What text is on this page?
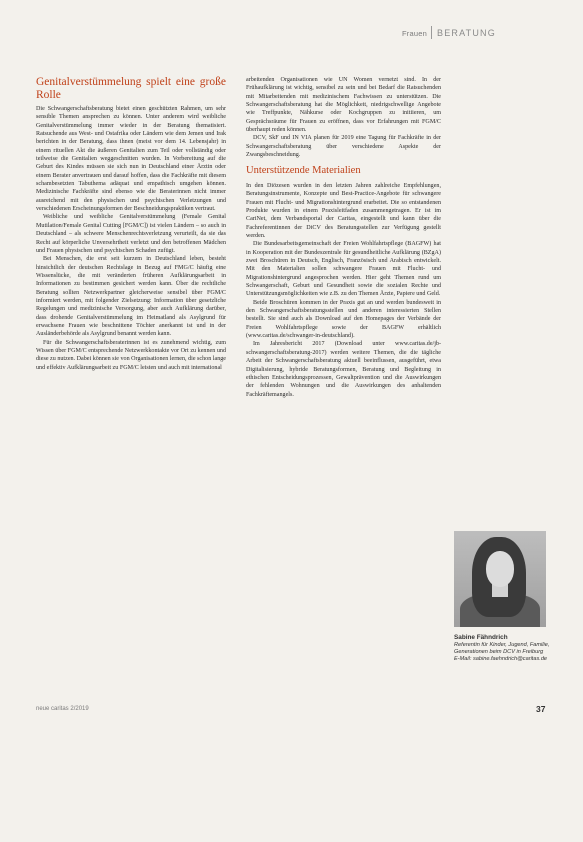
Frauen BERATUNG
Genitalverstümmelung spielt eine große Rolle

Die Schwangerschaftsberatung bietet einen geschützten Rahmen, um sehr sensible Themen ansprechen zu können. Unter anderem wird weibliche Genitalverstümmelung immer wieder in der Beratung thematisiert. Ratsuchende aus West- und Ostafrika oder Ländern wie dem Jemen und Irak berichten in der Beratung, dass ihnen (meist vor dem 14. Lebensjahr) in einem rituellen Akt die äußeren Genitalien zum Teil oder vollständig oder teilweise die Genitalien weggeschnitten wurden. In Vorbereitung auf die Geburt des Kindes müssen sie sich nun in Deutschland einer Ärztin oder einem Berater anvertrauen und darauf hoffen, dass die Fachkräfte mit diesem schambesetzten Tabuthema adäquat und empathisch umgehen können. Medizinische Fachkräfte sind ebenso wie die Beraterinnen nicht immer ausreichend mit den physischen und psychischen Verletzungen und verschiedenen Erscheinungsformen der Beschneidungspraktiken vertraut.

Weibliche und weibliche Genitalverstümmelung (Female Genital Mutilation/Female Genital Cutting [FGM/C]) ist vielen Ländern – so auch in Deutschland – als schwere Menschenrechtsverletzung verurteilt, da sie das Recht auf körperliche Unversehrtheit verletzt und den betroffenen Mädchen und Frauen physischen und psychischen Schaden zufügt.

Bei Menschen, die erst seit kurzem in Deutschland leben, besteht hinsichtlich der deutschen Rechtslage in Bezug auf FMG/C häufig eine Wissenslücke, die mit veränderten früheren Aufklärungsarbeit in Informationen zu bestimmen gesichert werden kann. Über die rechtliche Beratung sollten Netzwerkpartner gleicherweise sensibel über FGM/C informiert werden, mit folgender Zielsetzung: Information über gesetzliche Regelungen und medizinische Versorgung, aber auch Aufklärung darüber, dass drohende Genitalverstümmelung im Heimatland als Asylgrund für erwachsene Frauen wie beschnittene Töchter anerkannt ist und in der Ausländerbehörde als Asylgrund benannt werden kann.

Für die Schwangerschaftsberaterinnen ist es zunehmend wichtig, zum Wissen über FGM/C entsprechende Netzwerkkontakte vor Ort zu kennen und diese zu nutzen. Dabei können sie von Organisationen lernen, die schon lange und effektiv Aufklärungsarbeit zu FGM/C leisten und auch mit international

arbeitenden Organisationen wie UN Women vernetzt sind. In der Frühaufklärung ist wichtig, sensibel zu sein und bei Bedarf die Ratsuchenden mit Mitarbeitenden mit medizinischem Fachwissen zu unterstützen. Die Schwangerschaftsberatung hat die Möglichkeit, niedrigschwellige Angebote wie Treffpunkte, Nähkurse oder Kochgruppen zu initiieren, um Gesprächsräume für Frauen zu eröffnen, dass vor Erfahrungen mit FGM/C überhaupt reden können.

DCV, SkF und IN VIA planen für 2019 eine Tagung für Fachkräfte in der Schwangerschaftsberatung über verschiedene Aspekte der Zwangsbeschneidung.

Unterstützende Materialien

In den Diözesen wurden in den letzten Jahren zahlreiche Empfehlungen, Beratungsinstrumente, Konzepte und Best-Practice-Angebote für schwangere Frauen mit Flucht- und Migrationshintergrund erarbeitet. Die so entstandenen Produkte wurden in einem Praxisleitfaden zusammengetragen. Er ist im CariNet, dem Verbandsportal der Caritas, eingestellt und kann über die Fachreferentinnen der DiCV des Beratungsstellen zur Verfügung gestellt werden.

Die Bundesarbeitsgemeinschaft der Freien Wohlfahrtspflege (BAGFW) hat in Kooperation mit der Bundeszentrale für gesundheitliche Aufklärung (BZgA) zwei Broschüren in Deutsch, Englisch, Französisch und Arabisch entwickelt. Mit den Materialien sollen schwangere Frauen mit Flucht- und Migrationshintergrund angesprochen werden. Hier geht Themen rund um Schwangerschaft, Geburt und Gesundheit sowie die sozialen Rechte und Unterstützungsmöglichkeiten wie z.B. zu den Themen Ärzte, Papiere und Geld.

Beide Broschüren kommen in der Praxis gut an und werden bundesweit in den Schwangerschaftsberatungsstellen und anderen interessierten Stellen bestellt. Sie sind auch als Download auf den Homepages der Verbände der Freien Wohlfahrtspflege sowie der BAGFW erhältlich (www.caritas.de/schwanger-in-deutschland).

Im Jahresbericht 2017 (Download unter www.caritas.de/jb-schwangerschaftsberatung-2017) werden weitere Themen, die die tägliche Arbeit der Schwangerschaftsberatung aktuell beeinflussen, ausgeführt, etwa Digitalisierung, hybride Beratungsformen, Beratung und Begleitung in ethischen Entscheidungsprozessen, Gewaltprävention und die Auswirkungen der fehlenden Wohnungen und die Auswirkungen des anhaltenden Fachkräftemangels.

Sabine Fähndrich
Referentin für Kinder, Jugend, Familie, Generationen beim DCV in Freiburg
E-Mail: sabine.faehndrich@caritas.de
neue caritas 2/2019	37
